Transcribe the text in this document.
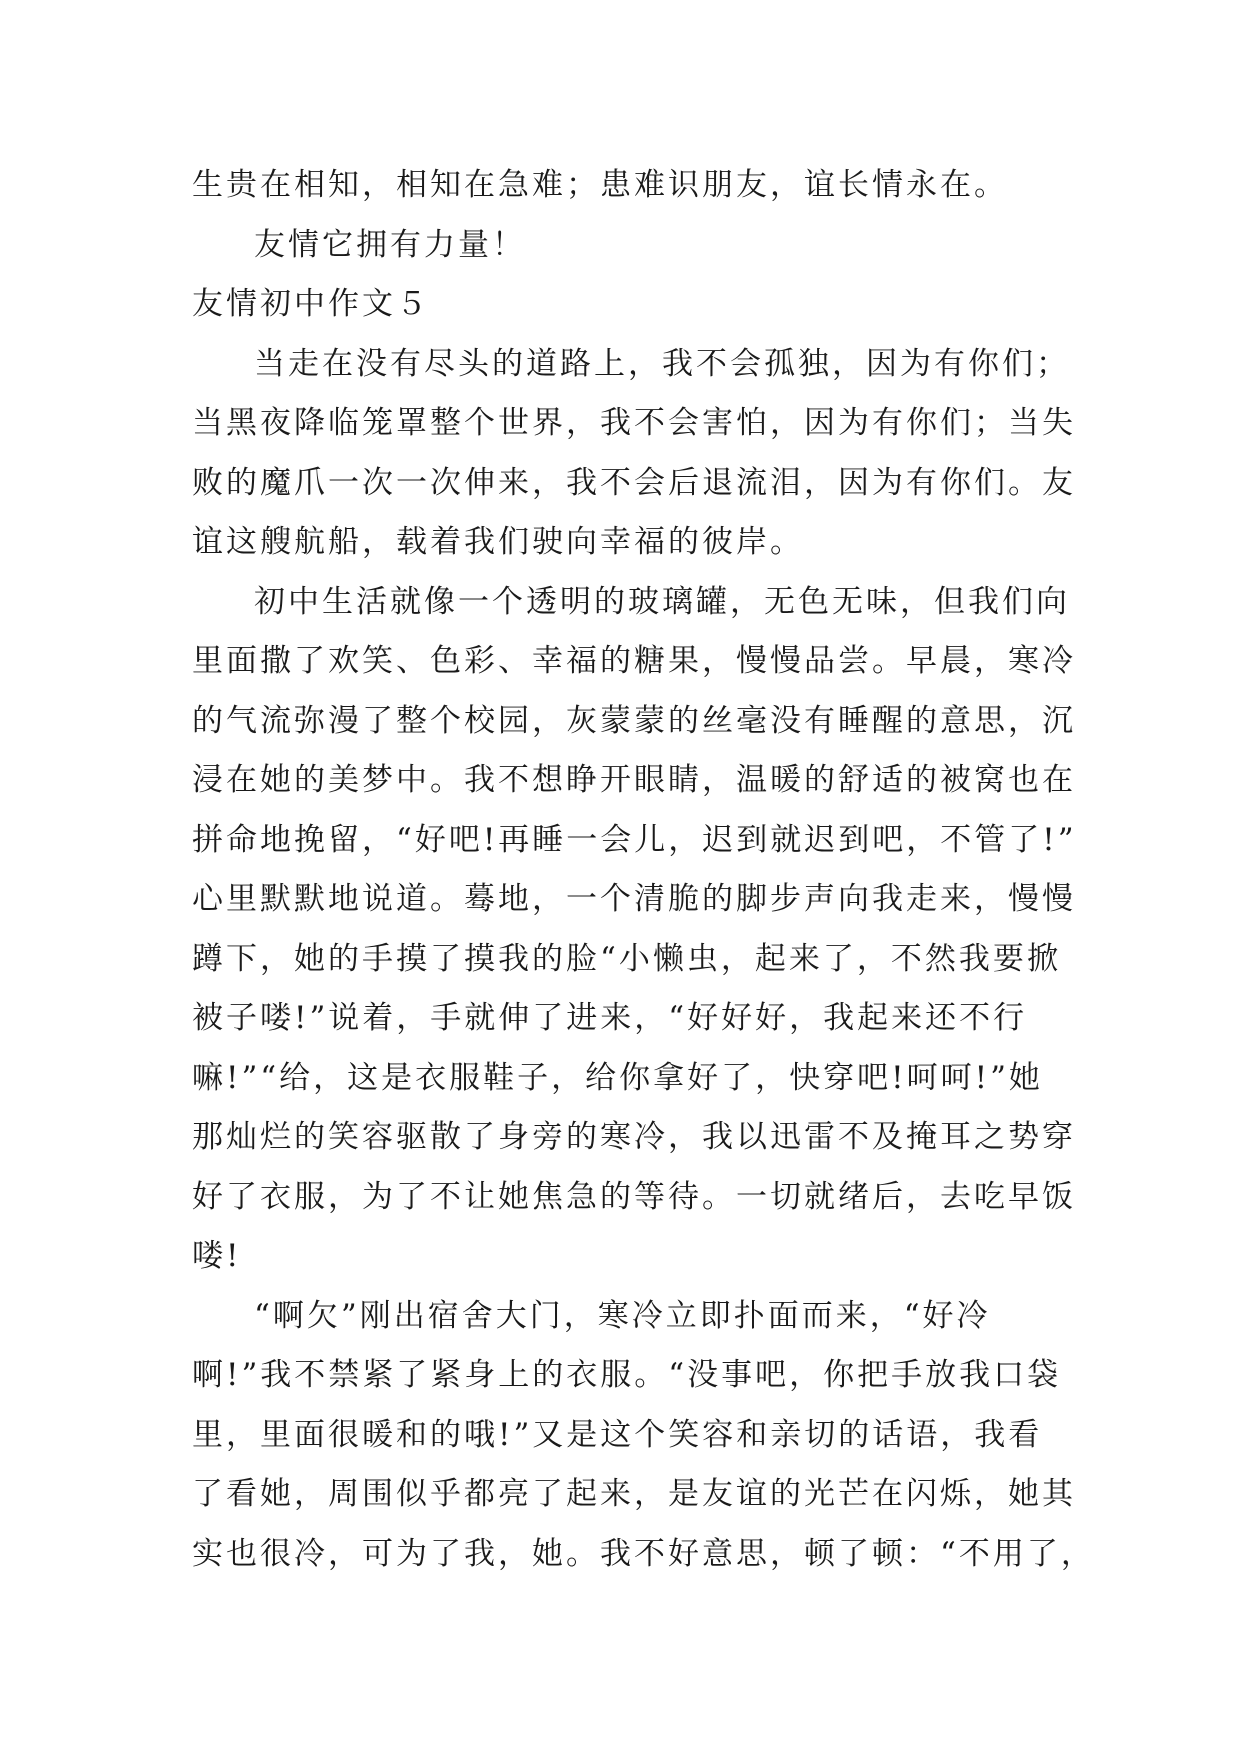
生贵在相知，相知在急难；患难识朋友，谊长情永在。
友情它拥有力量！
友情初中作文５
当走在没有尽头的道路上，我不会孤独，因为有你们；
当黑夜降临笼罩整个世界，我不会害怕，因为有你们；当失
败的魔爪一次一次伸来，我不会后退流泪，因为有你们。友
谊这艘航船，载着我们驶向幸福的彼岸。
初中生活就像一个透明的玻璃罐，无色无味，但我们向
里面撒了欢笑、色彩、幸福的糖果，慢慢品尝。早晨，寒冷
的气流弥漫了整个校园，灰蒙蒙的丝毫没有睡醒的意思，沉
浸在她的美梦中。我不想睁开眼睛，温暖的舒适的被窝也在
拼命地挽留，“好吧!再睡一会儿，迟到就迟到吧，不管了!”
心里默默地说道。蓦地，一个清脆的脚步声向我走来，慢慢
蹲下，她的手摸了摸我的脸“小懒虫，起来了，不然我要掀
被子喽!”说着，手就伸了进来，“好好好，我起来还不行
嘛!”“给，这是衣服鞋子，给你拿好了，快穿吧!呵呵!”她
那灿烂的笑容驱散了身旁的寒冷，我以迅雷不及掩耳之势穿
好了衣服，为了不让她焦急的等待。一切就绪后，去吃早饭
喽!
“啊欠”刚出宿舍大门，寒冷立即扑面而来，“好冷
啊!”我不禁紧了紧身上的衣服。“没事吧，你把手放我口袋
里，里面很暖和的哦!”又是这个笑容和亲切的话语，我看
了看她，周围似乎都亮了起来，是友谊的光芒在闪烁，她其
实也很冷，可为了我，她。我不好意思，顿了顿：“不用了，
